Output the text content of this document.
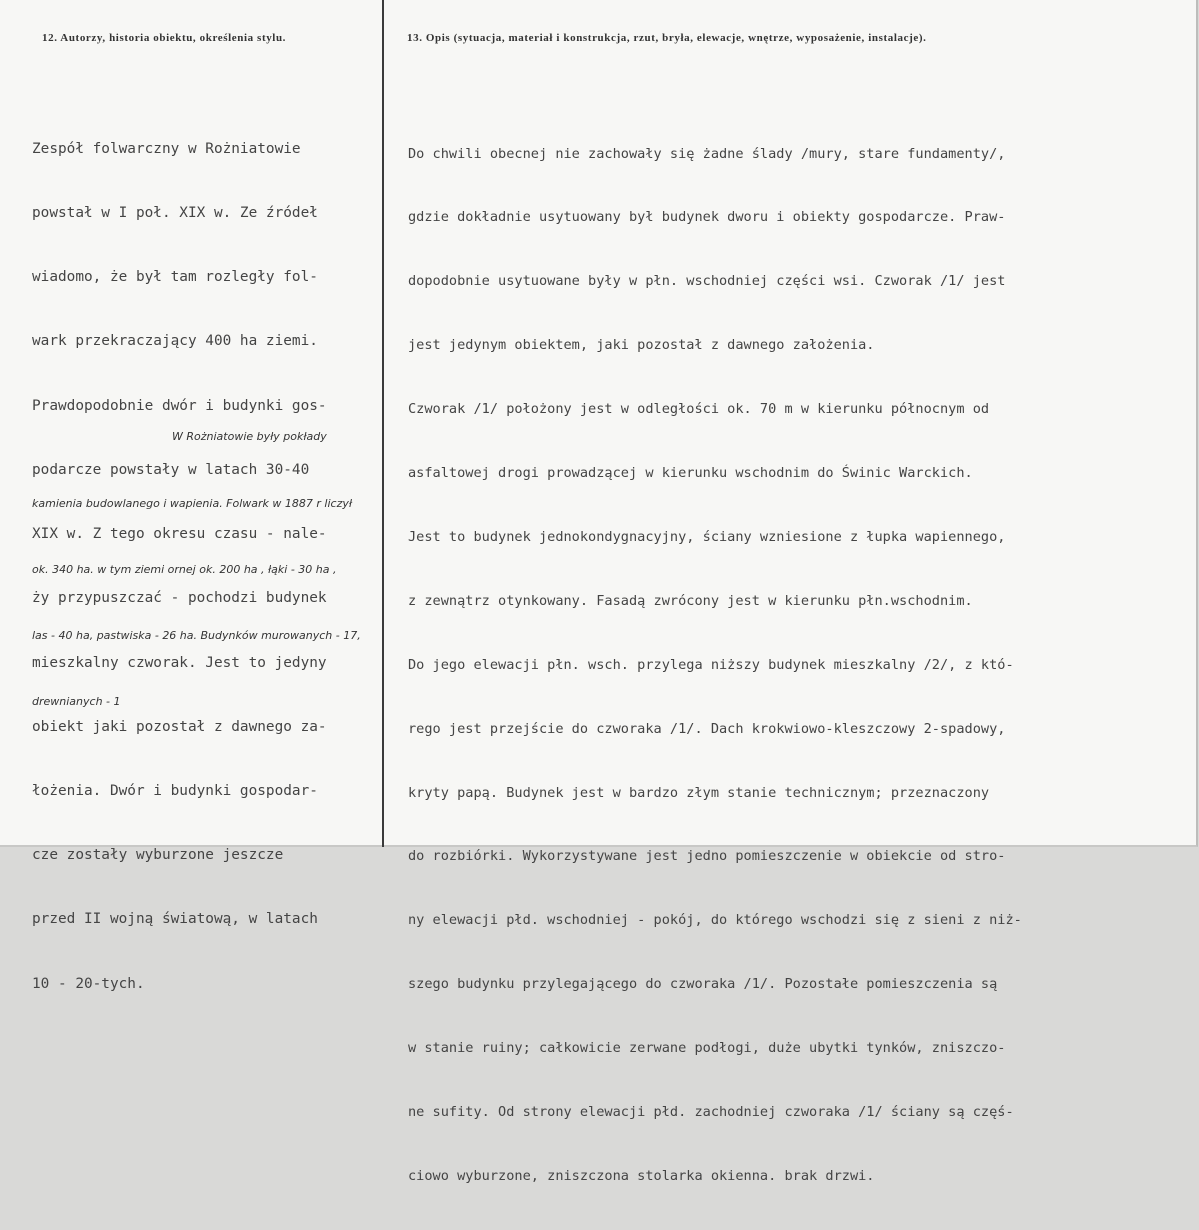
12. Autorzy, historia obiektu, określenia stylu.	13. Opis (sytuacja, materiał i konstrukcja, rzut, bryła, elewacje, wnętrze, wyposażenie, instalacje).

Zespół folwarczny w Rożniatowie

powstał w I poł. XIX w. Ze źródeł

wiadomo, że był tam rozległy fol-

wark przekraczający 400 ha ziemi.

Prawdopodobnie dwór i budynki gos-

podarcze powstały w latach 30-40

XIX w. Z tego okresu czasu - nale-

ży przypuszczać - pochodzi budynek

mieszkalny czworak. Jest to jedyny

obiekt jaki pozostał z dawnego za-

łożenia. Dwór i budynki gospodar-

cze zostały wyburzone jeszcze

przed II wojną światową, w latach

10 - 20-tych.

W Rożniatowie były pokłady

kamienia budowlanego i wapienia. Folwark w 1887 r liczył

ok. 340 ha. w tym ziemi ornej ok. 200 ha , łąki - 30 ha ,

las - 40 ha, pastwiska - 26 ha. Budynków murowanych - 17,

drewnianych - 1

Do chwili obecnej nie zachowały się żadne ślady /mury, stare fundamenty/,

gdzie dokładnie usytuowany był budynek dworu i obiekty gospodarcze. Praw-

dopodobnie usytuowane były w płn. wschodniej części wsi. Czworak /1/ jest

jest jedynym obiektem, jaki pozostał z dawnego założenia.

Czworak /1/ położony jest w odległości ok. 70 m w kierunku północnym od

asfaltowej drogi prowadzącej w kierunku wschodnim do Świnic Warckich.

Jest to budynek jednokondygnacyjny, ściany wzniesione z łupka wapiennego,

z zewnątrz otynkowany. Fasadą zwrócony jest w kierunku płn.wschodnim.

Do jego elewacji płn. wsch. przylega niższy budynek mieszkalny /2/, z któ-

rego jest przejście do czworaka /1/. Dach krokwiowo-kleszczowy 2-spadowy,

kryty papą. Budynek jest w bardzo złym stanie technicznym; przeznaczony

do rozbiórki. Wykorzystywane jest jedno pomieszczenie w obiekcie od stro-

ny elewacji płd. wschodniej - pokój, do którego wschodzi się z sieni z niż-

szego budynku przylegającego do czworaka /1/. Pozostałe pomieszczenia są

w stanie ruiny; całkowicie zerwane podłogi, duże ubytki tynków, zniszczo-

ne sufity. Od strony elewacji płd. zachodniej czworaka /1/ ściany są częś-

ciowo wyburzone, zniszczona stolarka okienna. brak drzwi.
